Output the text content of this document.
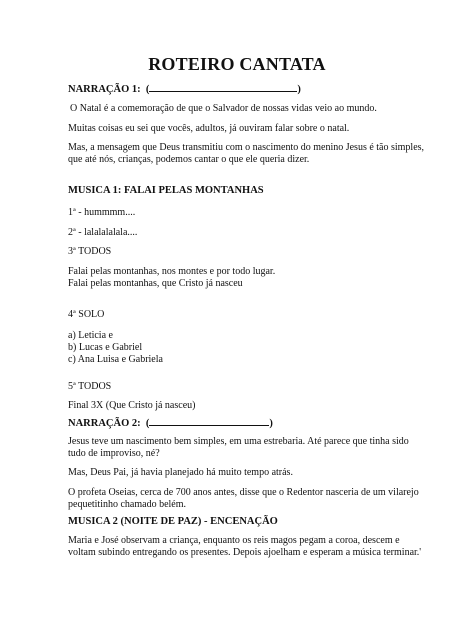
ROTEIRO CANTATA
NARRAÇÃO 1: (	)
O Natal é a comemoração de que o Salvador de nossas vidas veio ao mundo.
Muitas coisas eu sei que vocês, adultos, já ouviram falar sobre o natal.
Mas, a mensagem que Deus transmitiu com o nascimento do menino Jesus é tão simples,
que até nós, crianças, podemos cantar o que ele queria dizer.
MUSICA 1: FALAI PELAS MONTANHAS
1ª - hummmm....
2ª - lalalalalala....
3ª TODOS
Falai pelas montanhas, nos montes e por todo lugar.
Falai pelas montanhas, que Cristo já nasceu
4ª SOLO
a) Leticia e
b) Lucas e Gabriel
c) Ana Luisa e Gabriela
5ª TODOS
Final 3X (Que Cristo já nasceu)
NARRAÇÃO 2: (	)
Jesus teve um nascimento bem simples, em uma estrebaria. Até parece que tinha sido
tudo de improviso, né?
Mas, Deus Pai, já havia planejado há muito tempo atrás.
O profeta Oseias, cerca de 700 anos antes, disse que o Redentor nasceria de um vilarejo
pequetitinho chamado belém.
MUSICA 2 (NOITE DE PAZ) - ENCENAÇÃO
Maria e José observam a criança, enquanto os reis magos pegam a coroa, descem e
voltam subindo entregando os presentes. Depois ajoelham e esperam a música terminar.'
